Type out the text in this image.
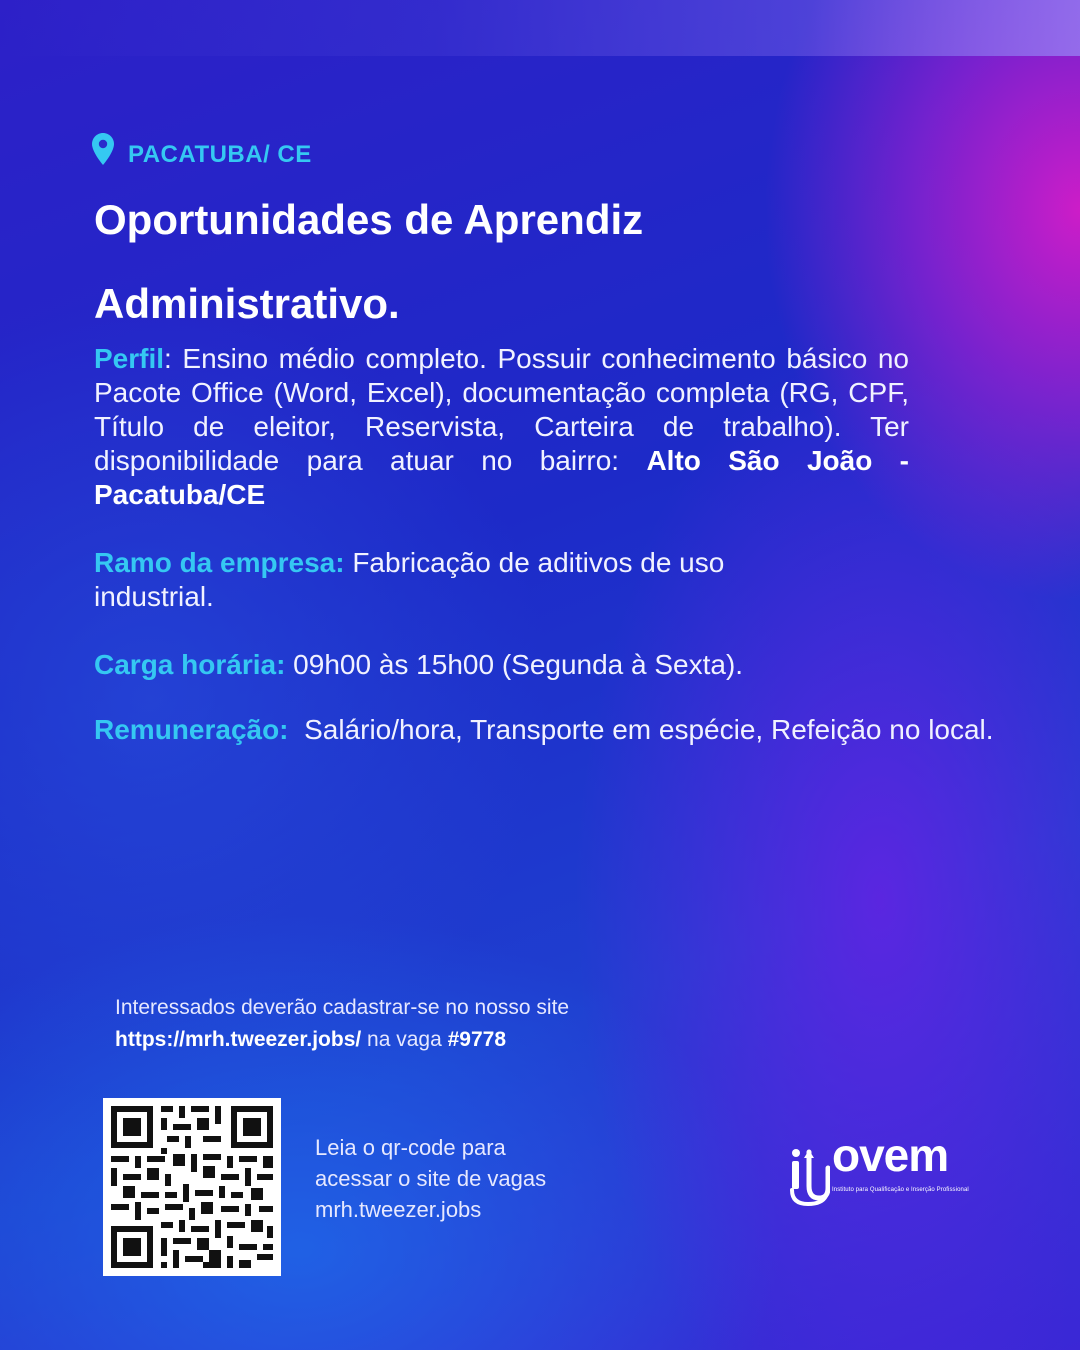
PACATUBA/ CE
Oportunidades de Aprendiz
Administrativo.

Perfil: Ensino médio completo. Possuir conhecimento básico no Pacote Office (Word, Excel), documentação completa (RG, CPF, Título de eleitor, Reservista, Carteira de trabalho). Ter disponibilidade para atuar no bairro: Alto São João - Pacatuba/CE

Ramo da empresa: Fabricação de aditivos de uso industrial.

Carga horária: 09h00 às 15h00 (Segunda à Sexta).

Remuneração:  Salário/hora, Transporte em espécie, Refeição no local.

Interessados deverão cadastrar-se no nosso site
https://mrh.tweezer.jobs/ na vaga #9778
Leia o qr-code para
acessar o site de vagas
mrh.tweezer.jobs
ovem
Instituto para Qualificação e Inserção Profissional
